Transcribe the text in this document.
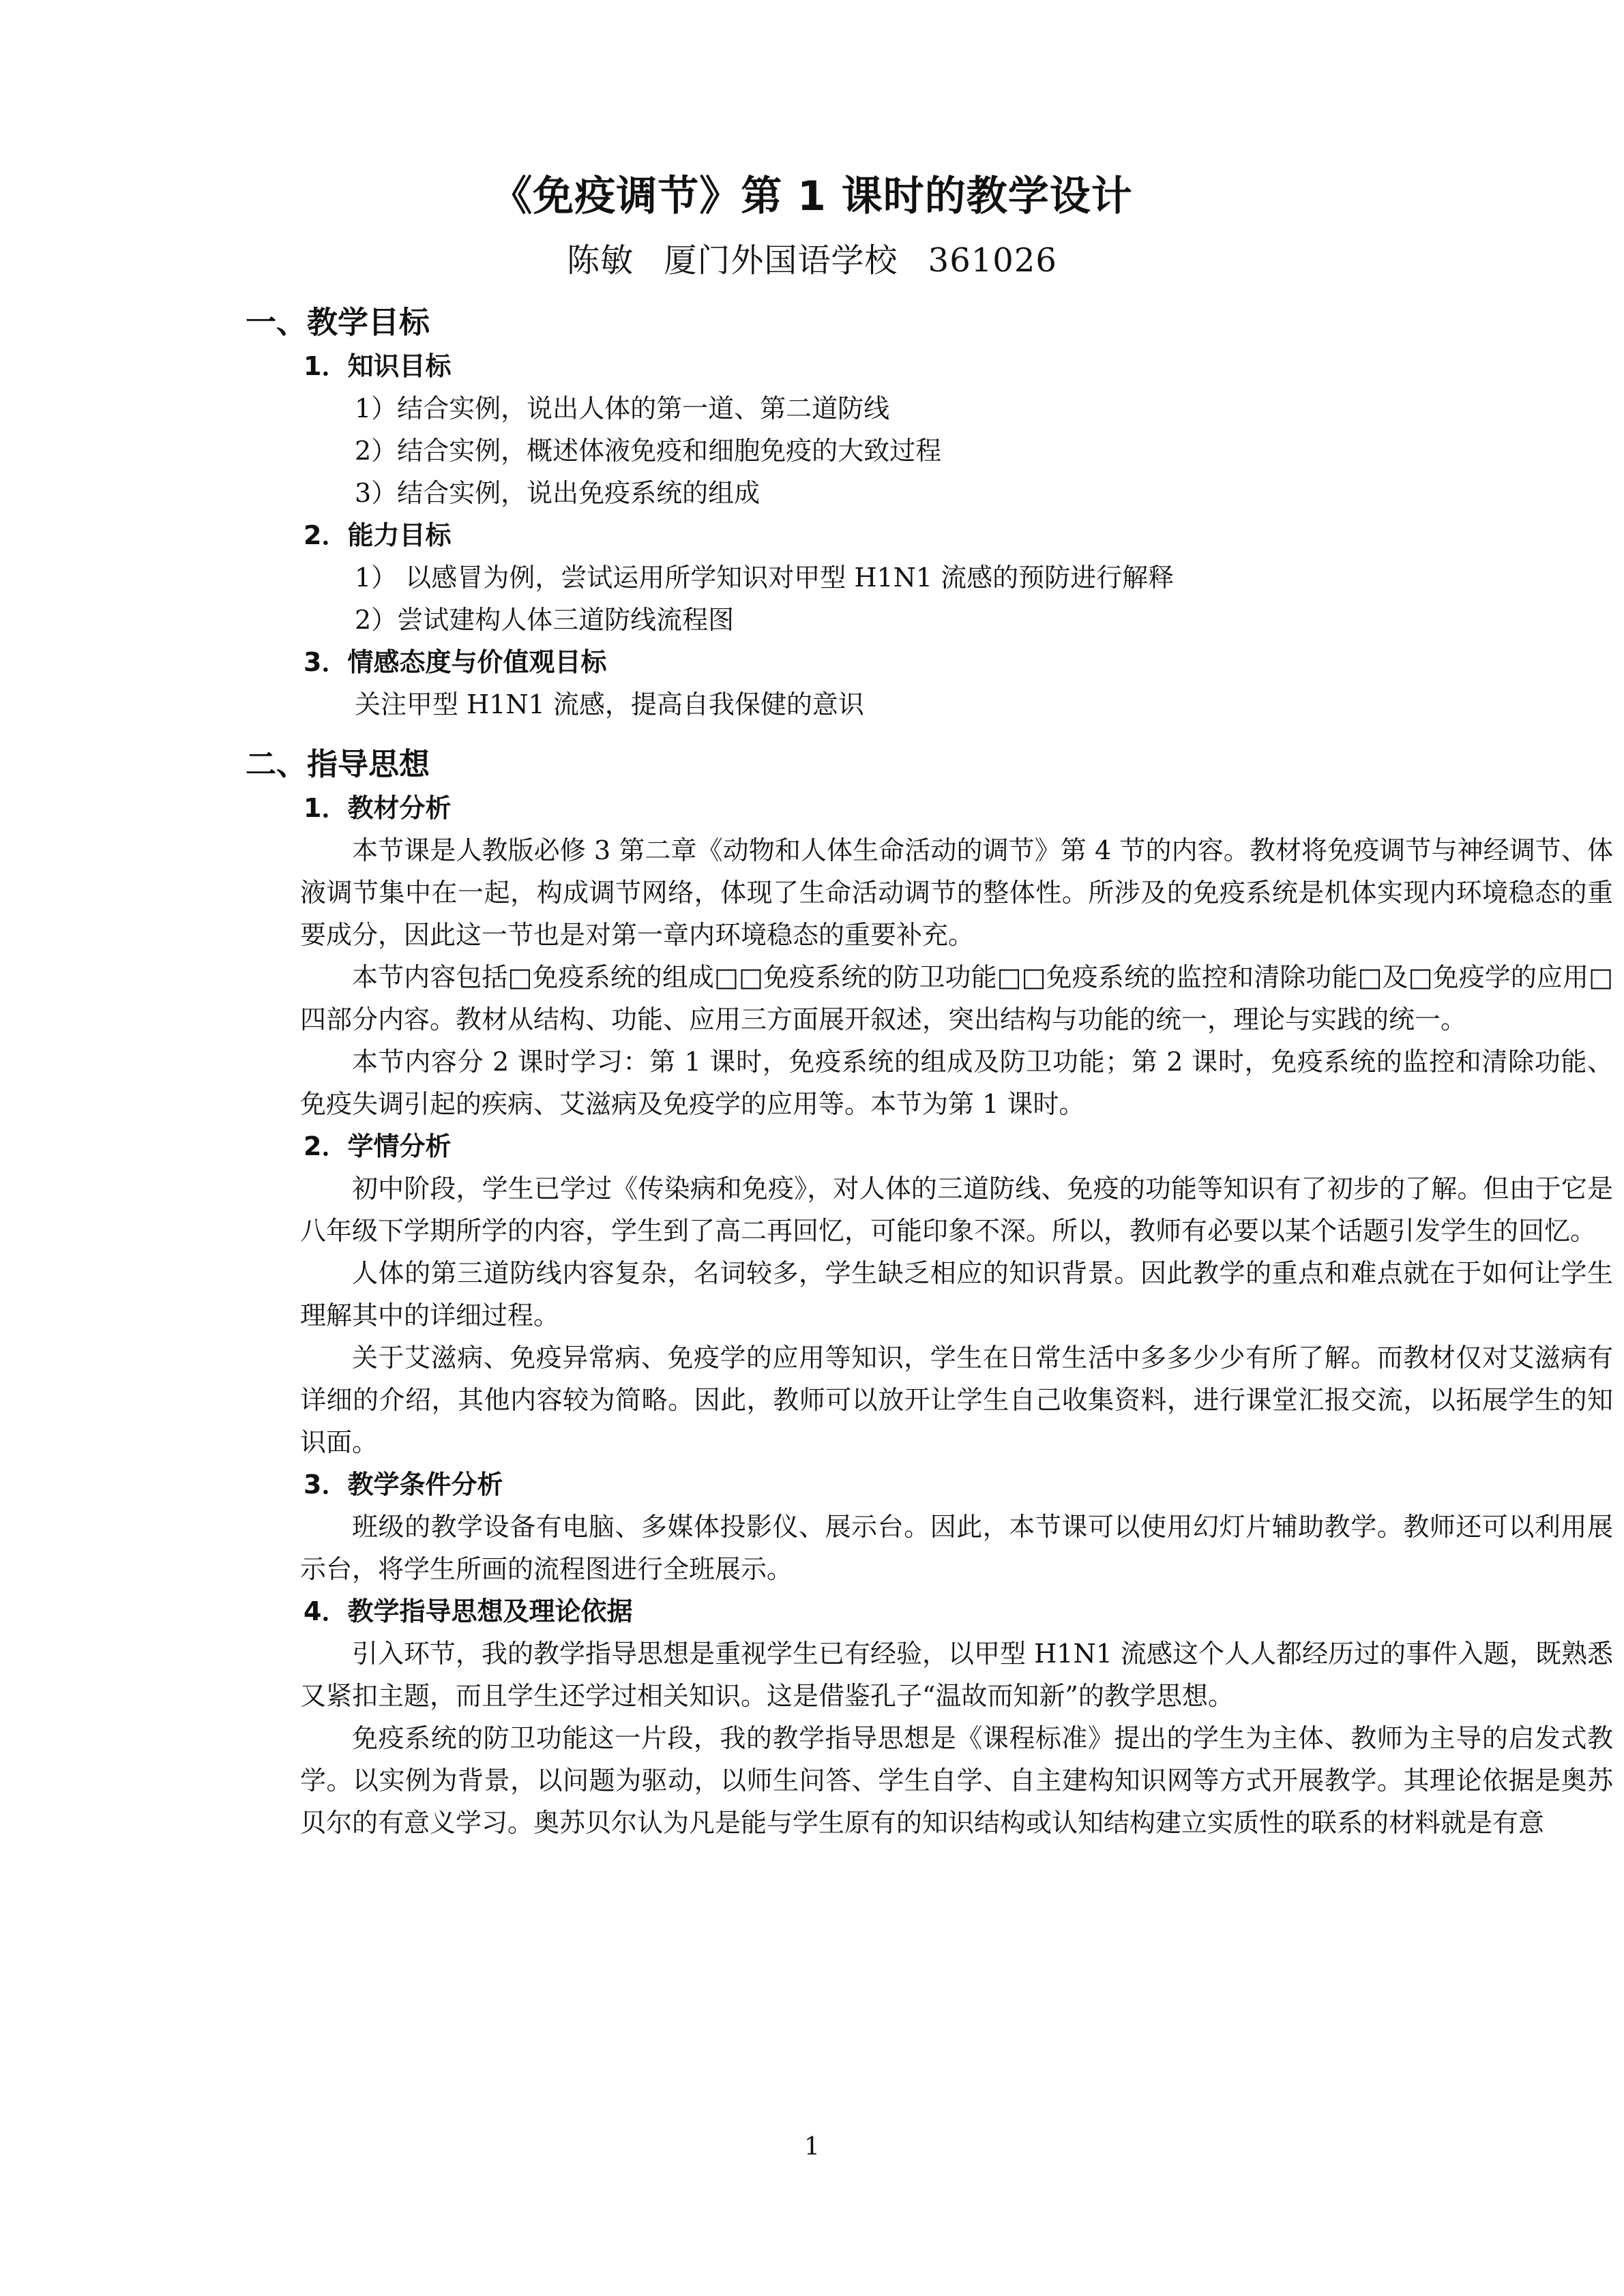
《免疫调节》第 1 课时的教学设计
陈敏 厦门外国语学校 361026
一、教学目标
1．知识目标
1）结合实例，说出人体的第一道、第二道防线
2）结合实例，概述体液免疫和细胞免疫的大致过程
3）结合实例，说出免疫系统的组成
2．能力目标
1） 以感冒为例，尝试运用所学知识对甲型 H1N1 流感的预防进行解释
2）尝试建构人体三道防线流程图
3．情感态度与价值观目标
关注甲型 H1N1 流感，提高自我保健的意识
二、指导思想
1．教材分析
本节课是人教版必修 3 第二章《动物和人体生命活动的调节》第 4 节的内容。教材将免疫调节与神经调节、体液调节集中在一起，构成调节网络，体现了生命活动调节的整体性。所涉及的免疫系统是机体实现内环境稳态的重要成分，因此这一节也是对第一章内环境稳态的重要补充。
本节内容包括□免疫系统的组成□□免疫系统的防卫功能□□免疫系统的监控和清除功能□及□免疫学的应用□四部分内容。教材从结构、功能、应用三方面展开叙述，突出结构与功能的统一，理论与实践的统一。
本节内容分 2 课时学习：第 1 课时，免疫系统的组成及防卫功能；第 2 课时，免疫系统的监控和清除功能、免疫失调引起的疾病、艾滋病及免疫学的应用等。本节为第 1 课时。
2．学情分析
初中阶段，学生已学过《传染病和免疫》，对人体的三道防线、免疫的功能等知识有了初步的了解。但由于它是八年级下学期所学的内容，学生到了高二再回忆，可能印象不深。所以，教师有必要以某个话题引发学生的回忆。
人体的第三道防线内容复杂，名词较多，学生缺乏相应的知识背景。因此教学的重点和难点就在于如何让学生理解其中的详细过程。
关于艾滋病、免疫异常病、免疫学的应用等知识，学生在日常生活中多多少少有所了解。而教材仅对艾滋病有详细的介绍，其他内容较为简略。因此，教师可以放开让学生自己收集资料，进行课堂汇报交流，以拓展学生的知识面。
3．教学条件分析
班级的教学设备有电脑、多媒体投影仪、展示台。因此，本节课可以使用幻灯片辅助教学。教师还可以利用展示台，将学生所画的流程图进行全班展示。
4．教学指导思想及理论依据
引入环节，我的教学指导思想是重视学生已有经验，以甲型 H1N1 流感这个人人都经历过的事件入题，既熟悉又紧扣主题，而且学生还学过相关知识。这是借鉴孔子“温故而知新”的教学思想。
免疫系统的防卫功能这一片段，我的教学指导思想是《课程标准》提出的学生为主体、教师为主导的启发式教学。以实例为背景，以问题为驱动，以师生问答、学生自学、自主建构知识网等方式开展教学。其理论依据是奥苏贝尔的有意义学习。奥苏贝尔认为凡是能与学生原有的知识结构或认知结构建立实质性的联系的材料就是有意
1
